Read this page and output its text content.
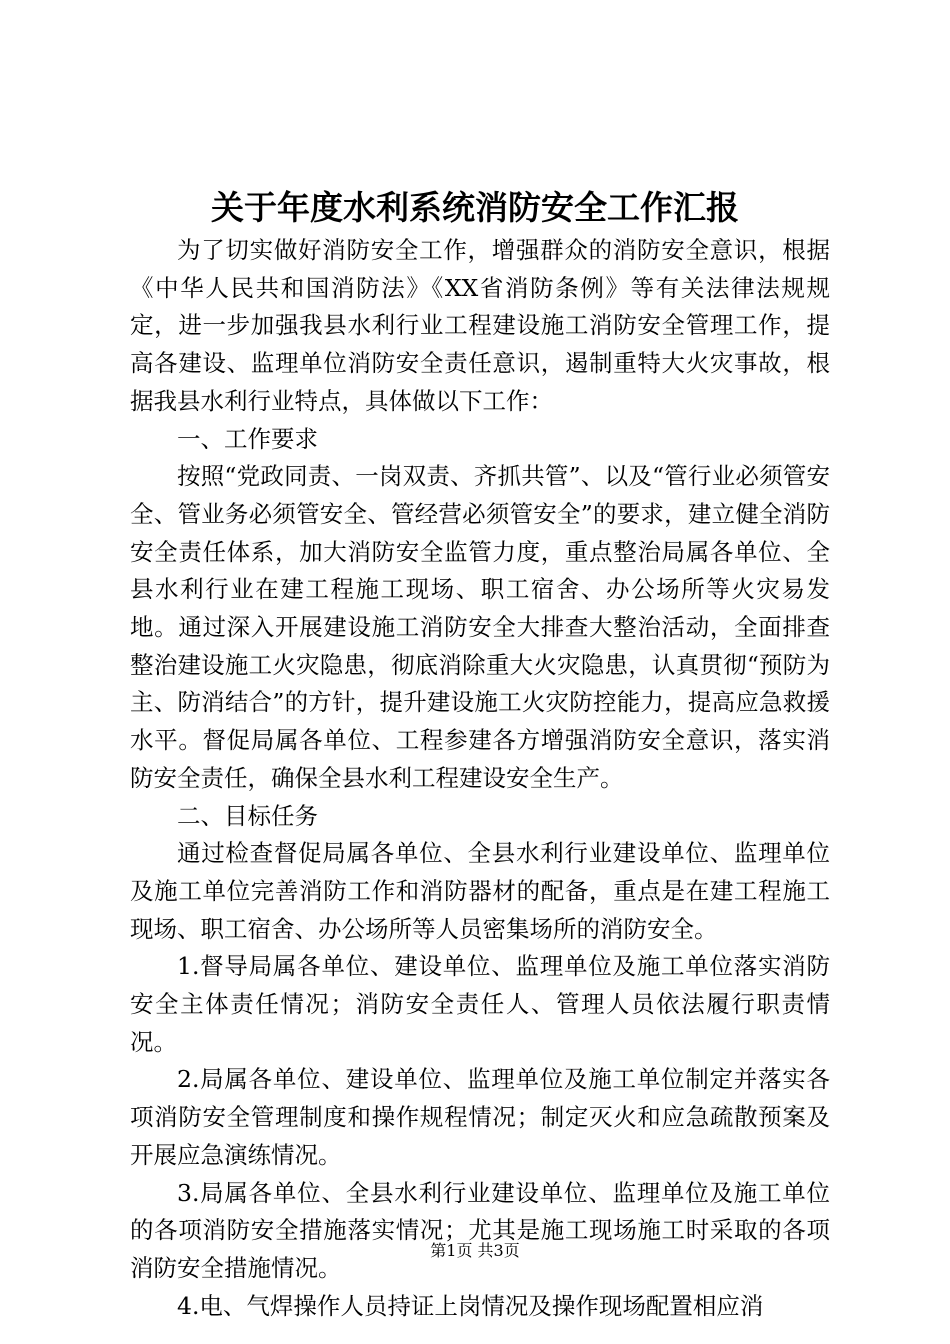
关于年度水利系统消防安全工作汇报

为了切实做好消防安全工作，增强群众的消防安全意识，根据《中华人民共和国消防法》《XX省消防条例》等有关法律法规规定，进一步加强我县水利行业工程建设施工消防安全管理工作，提高各建设、监理单位消防安全责任意识，遏制重特大火灾事故，根据我县水利行业特点，具体做以下工作：

一、工作要求

按照“党政同责、一岗双责、齐抓共管”、以及“管行业必须管安全、管业务必须管安全、管经营必须管安全”的要求，建立健全消防安全责任体系，加大消防安全监管力度，重点整治局属各单位、全县水利行业在建工程施工现场、职工宿舍、办公场所等火灾易发地。通过深入开展建设施工消防安全大排查大整治活动，全面排查整治建设施工火灾隐患，彻底消除重大火灾隐患，认真贯彻“预防为主、防消结合”的方针，提升建设施工火灾防控能力，提高应急救援水平。督促局属各单位、工程参建各方增强消防安全意识，落实消防安全责任，确保全县水利工程建设安全生产。

二、目标任务

通过检查督促局属各单位、全县水利行业建设单位、监理单位及施工单位完善消防工作和消防器材的配备，重点是在建工程施工现场、职工宿舍、办公场所等人员密集场所的消防安全。

1.督导局属各单位、建设单位、监理单位及施工单位落实消防安全主体责任情况；消防安全责任人、管理人员依法履行职责情况。

2.局属各单位、建设单位、监理单位及施工单位制定并落实各项消防安全管理制度和操作规程情况；制定灭火和应急疏散预案及开展应急演练情况。

3.局属各单位、全县水利行业建设单位、监理单位及施工单位的各项消防安全措施落实情况；尤其是施工现场施工时采取的各项消防安全措施情况。

4.电、气焊操作人员持证上岗情况及操作现场配置相应消

第1页 共3页
